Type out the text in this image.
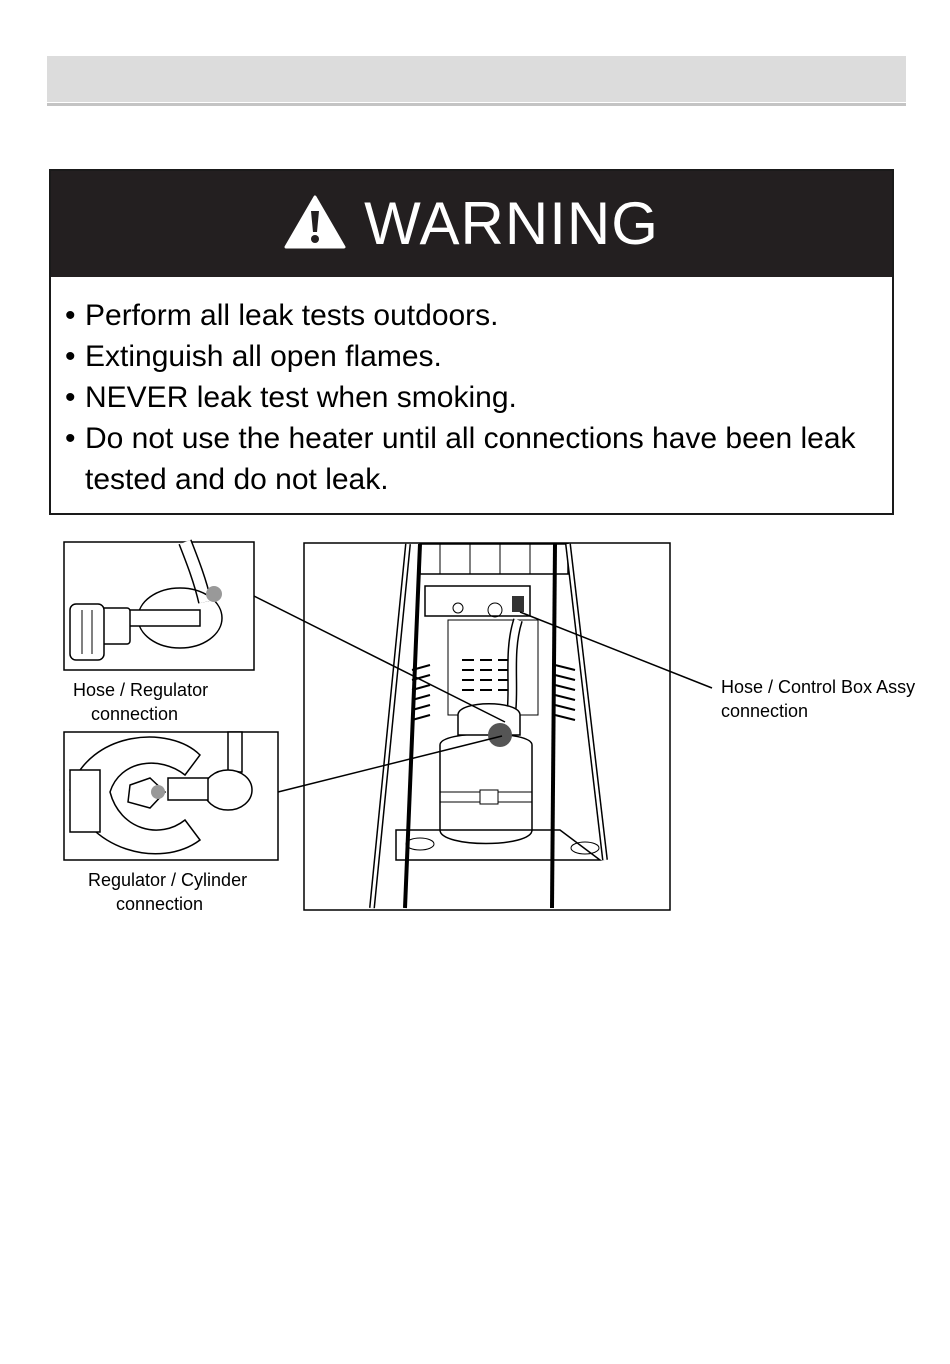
WARNING
• Perform all leak tests outdoors.
• Extinguish all open flames.
• NEVER leak test when smoking.
• Do not use the heater until all connections have been leak tested and do not leak.
Hose / Regulator
connection
Regulator / Cylinder
connection
Hose / Control Box Assy
connection
